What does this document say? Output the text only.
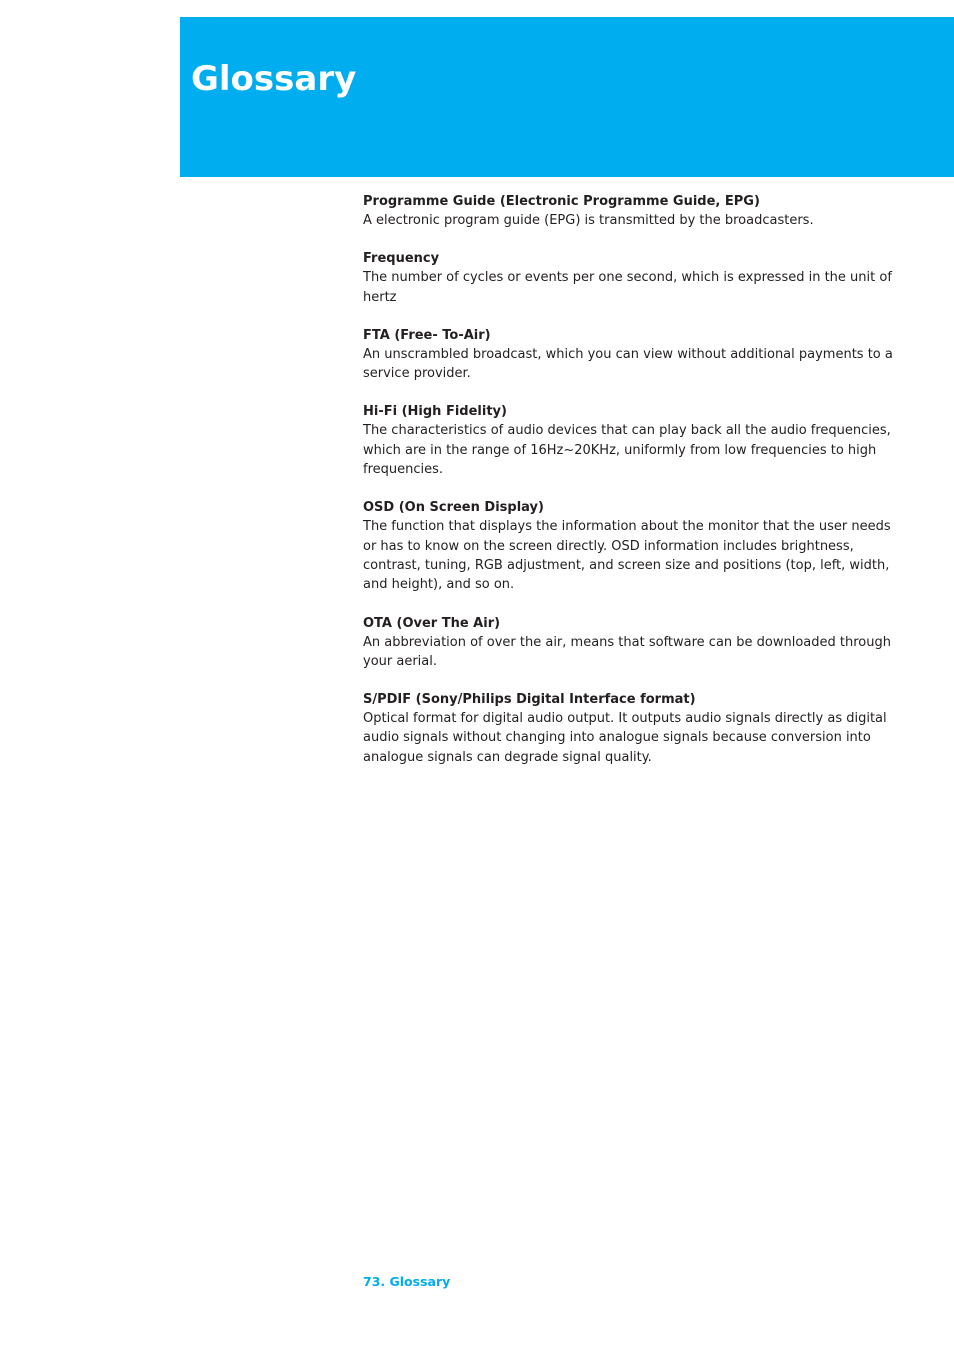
Glossary

Programme Guide (Electronic Programme Guide, EPG)

A electronic program guide (EPG) is transmitted by the broadcasters.

Frequency

The number of cycles or events per one second, which is expressed in the unit of hertz

FTA (Free- To-Air)

An unscrambled broadcast, which you can view without additional payments to a service provider.

Hi-Fi (High Fidelity)

The characteristics of audio devices that can play back all the audio frequencies, which are in the range of 16Hz~20KHz, uniformly from low frequencies to high frequencies.

OSD (On Screen Display)

The function that displays the information about the monitor that the user needs or has to know on the screen directly. OSD information includes brightness, contrast, tuning, RGB adjustment, and screen size and positions (top, left, width, and height), and so on.

OTA (Over The Air)

An abbreviation of over the air, means that software can be downloaded through your aerial.

S/PDIF (Sony/Philips Digital Interface format)

Optical format for digital audio output. It outputs audio signals directly as digital audio signals without changing into analogue signals because conversion into analogue signals can degrade signal quality.

73. Glossary
